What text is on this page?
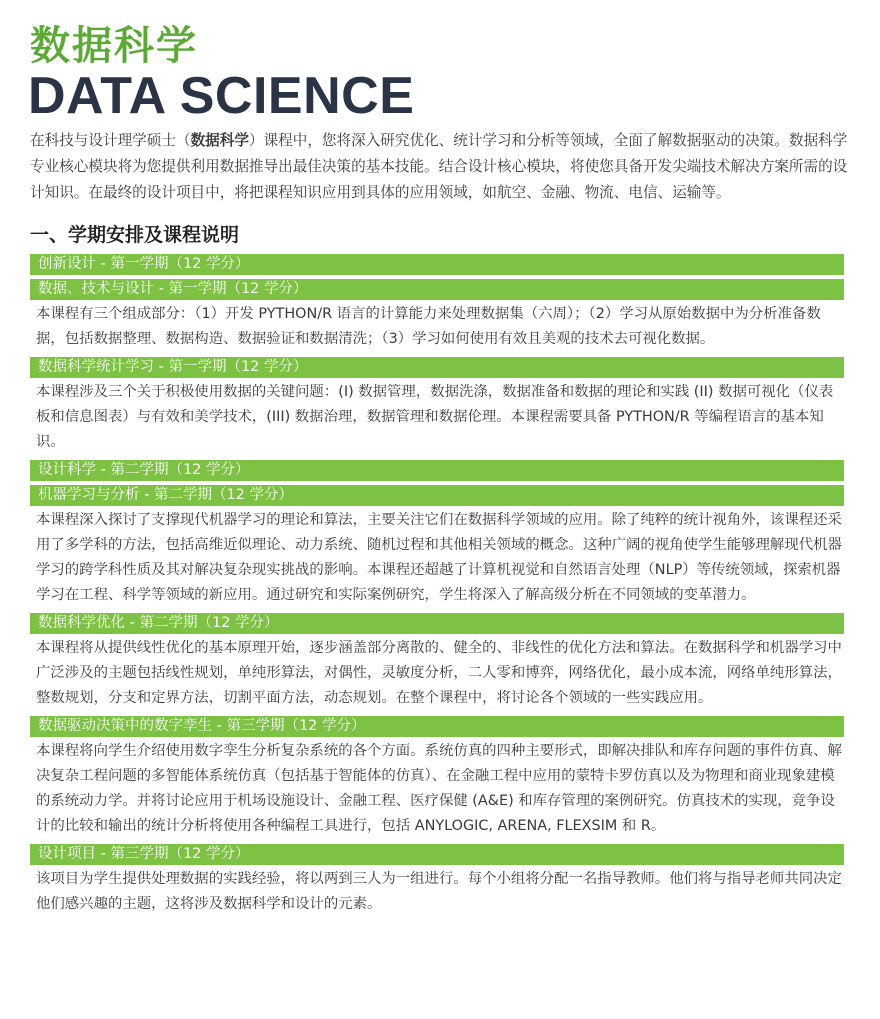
数据科学
DATA SCIENCE

在科技与设计理学硕士（数据科学）课程中，您将深入研究优化、统计学习和分析等领域，全面了解数据驱动的决策。数据科学专业核心模块将为您提供利用数据推导出最佳决策的基本技能。结合设计核心模块，将使您具备开发尖端技术解决方案所需的设计知识。在最终的设计项目中，将把课程知识应用到具体的应用领域，如航空、金融、物流、电信、运输等。

一、学期安排及课程说明
创新设计 - 第一学期（12 学分）
数据、技术与设计 - 第一学期（12 学分）
本课程有三个组成部分：（1）开发 PYTHON/R 语言的计算能力来处理数据集（六周）；（2）学习从原始数据中为分析准备数据，包括数据整理、数据构造、数据验证和数据清洗；（3）学习如何使用有效且美观的技术去可视化数据。
数据科学统计学习 - 第一学期（12 学分）
本课程涉及三个关于积极使用数据的关键问题：(I) 数据管理，数据洗涤，数据准备和数据的理论和实践 (II) 数据可视化（仪表板和信息图表）与有效和美学技术，(III) 数据治理，数据管理和数据伦理。本课程需要具备 PYTHON/R 等编程语言的基本知识。
设计科学 - 第二学期（12 学分）
机器学习与分析 - 第二学期（12 学分）
本课程深入探讨了支撑现代机器学习的理论和算法，主要关注它们在数据科学领域的应用。除了纯粹的统计视角外，该课程还采用了多学科的方法，包括高维近似理论、动力系统、随机过程和其他相关领域的概念。这种广阔的视角使学生能够理解现代机器学习的跨学科性质及其对解决复杂现实挑战的影响。本课程还超越了计算机视觉和自然语言处理（NLP）等传统领域，探索机器学习在工程、科学等领域的新应用。通过研究和实际案例研究，学生将深入了解高级分析在不同领域的变革潜力。
数据科学优化 - 第二学期（12 学分）
本课程将从提供线性优化的基本原理开始，逐步涵盖部分离散的、健全的、非线性的优化方法和算法。在数据科学和机器学习中广泛涉及的主题包括线性规划，单纯形算法，对偶性，灵敏度分析，二人零和博弈，网络优化，最小成本流，网络单纯形算法，整数规划，分支和定界方法，切割平面方法，动态规划。在整个课程中，将讨论各个领域的一些实践应用。
数据驱动决策中的数字孪生 - 第三学期（12 学分）
本课程将向学生介绍使用数字孪生分析复杂系统的各个方面。系统仿真的四种主要形式，即解决排队和库存问题的事件仿真、解决复杂工程问题的多智能体系统仿真（包括基于智能体的仿真）、在金融工程中应用的蒙特卡罗仿真以及为物理和商业现象建模的系统动力学。并将讨论应用于机场设施设计、金融工程、医疗保健 (A&E) 和库存管理的案例研究。仿真技术的实现，竞争设计的比较和输出的统计分析将使用各种编程工具进行，包括 ANYLOGIC, ARENA, FLEXSIM 和 R。
设计项目 - 第三学期（12 学分）
该项目为学生提供处理数据的实践经验，将以两到三人为一组进行。每个小组将分配一名指导教师。他们将与指导老师共同决定他们感兴趣的主题，这将涉及数据科学和设计的元素。
